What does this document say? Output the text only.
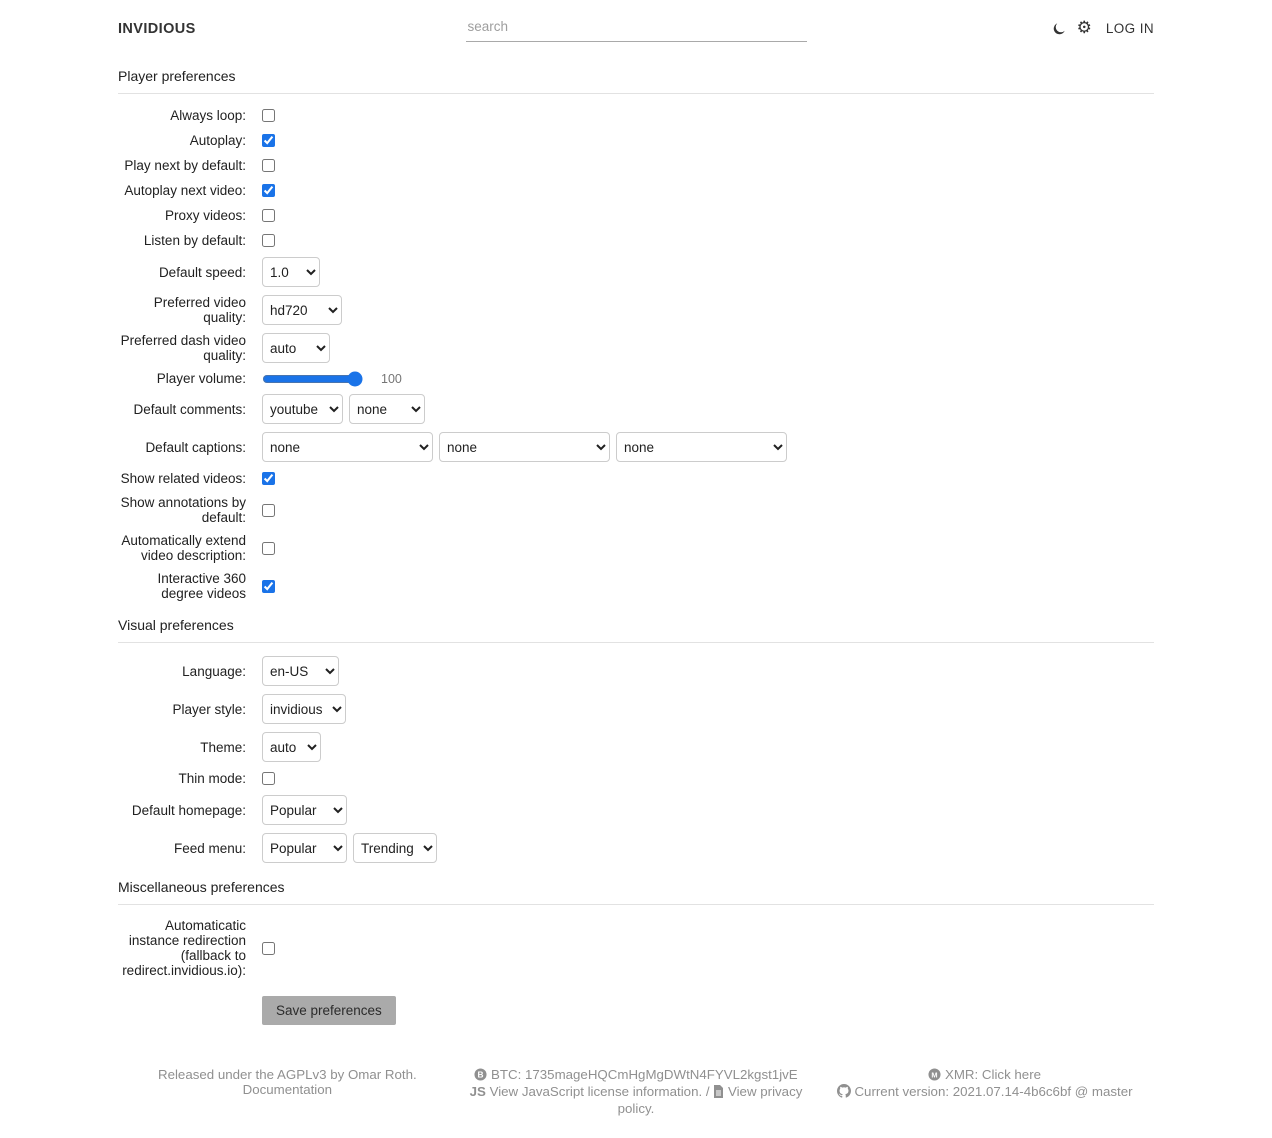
INVIDIOUS
search	⚙ LOG IN
Player preferences
Always loop:
Autoplay:
Play next by default:
Autoplay next video:
Proxy videos:
Listen by default:
Default speed:
1.0
Preferred video quality:
hd720
Preferred dash video quality:
auto
Player volume:	100
Default comments:
youtube
none
Default captions:
none
none
none
Show related videos:
Show annotations by default:
Automatically extend video description:
Interactive 360 degree videos
Visual preferences
Language:
en-US
Player style:
invidious
Theme:
auto
Thin mode:
Default homepage:
Popular
Feed menu:
Popular
Trending
Miscellaneous preferences
Automaticatic instance redirection (fallback to redirect.invidious.io):
Save preferences
Released under the AGPLv3 by Omar Roth.
Documentation
B BTC: 1735mageHQCmHgMgDWtN4FYVL2kgst1jvE
JS View JavaScript license information. /  View privacy policy.
M XMR: Click here
Current version: 2021.07.14-4b6c6bf @ master
